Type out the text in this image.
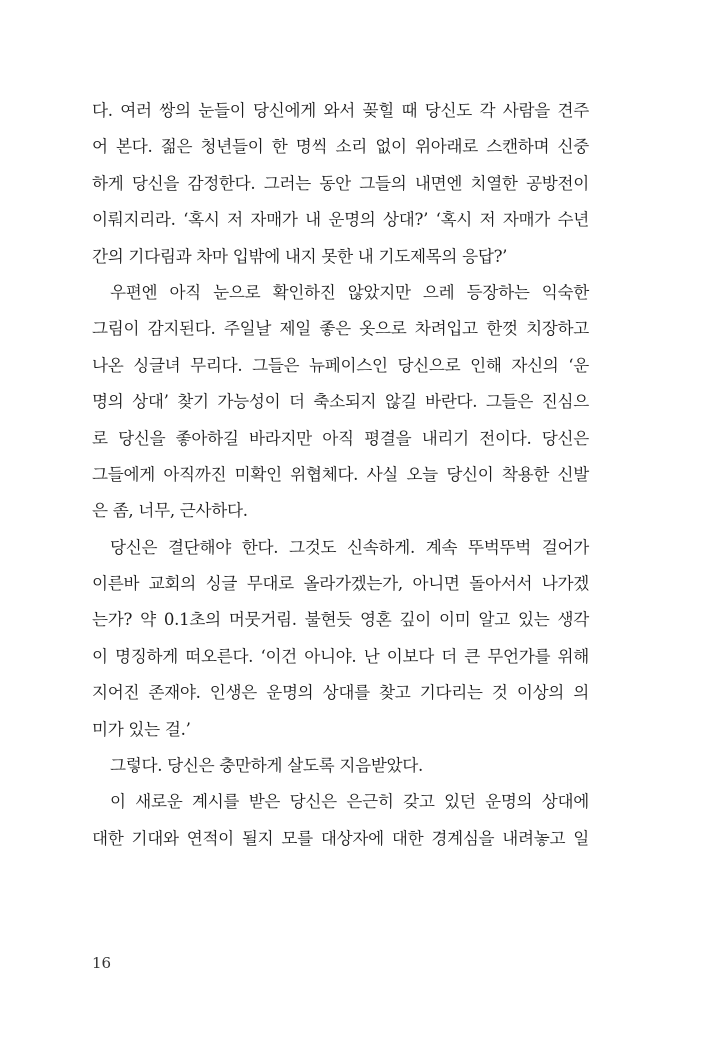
다. 여러 쌍의 눈들이 당신에게 와서 꽂힐 때 당신도 각 사람을 견주
어 본다. 젊은 청년들이 한 명씩 소리 없이 위아래로 스캔하며 신중
하게 당신을 감정한다. 그러는 동안 그들의 내면엔 치열한 공방전이
이뤄지리라. ‘혹시 저 자매가 내 운명의 상대?’ ‘혹시 저 자매가 수년
간의 기다림과 차마 입밖에 내지 못한 내 기도제목의 응답?’
우편엔 아직 눈으로 확인하진 않았지만 으레 등장하는 익숙한
그림이 감지된다. 주일날 제일 좋은 옷으로 차려입고 한껏 치장하고
나온 싱글녀 무리다. 그들은 뉴페이스인 당신으로 인해 자신의 ‘운
명의 상대’ 찾기 가능성이 더 축소되지 않길 바란다. 그들은 진심으
로 당신을 좋아하길 바라지만 아직 평결을 내리기 전이다. 당신은
그들에게 아직까진 미확인 위협체다. 사실 오늘 당신이 착용한 신발
은 좀, 너무, 근사하다.
당신은 결단해야 한다. 그것도 신속하게. 계속 뚜벅뚜벅 걸어가
이른바 교회의 싱글 무대로 올라가겠는가, 아니면 돌아서서 나가겠
는가? 약 0.1초의 머뭇거림. 불현듯 영혼 깊이 이미 알고 있는 생각
이 명징하게 떠오른다. ‘이건 아니야. 난 이보다 더 큰 무언가를 위해
지어진 존재야. 인생은 운명의 상대를 찾고 기다리는 것 이상의 의
미가 있는 걸.’
그렇다. 당신은 충만하게 살도록 지음받았다.
이 새로운 계시를 받은 당신은 은근히 갖고 있던 운명의 상대에
대한 기대와 연적이 될지 모를 대상자에 대한 경계심을 내려놓고 일
16
